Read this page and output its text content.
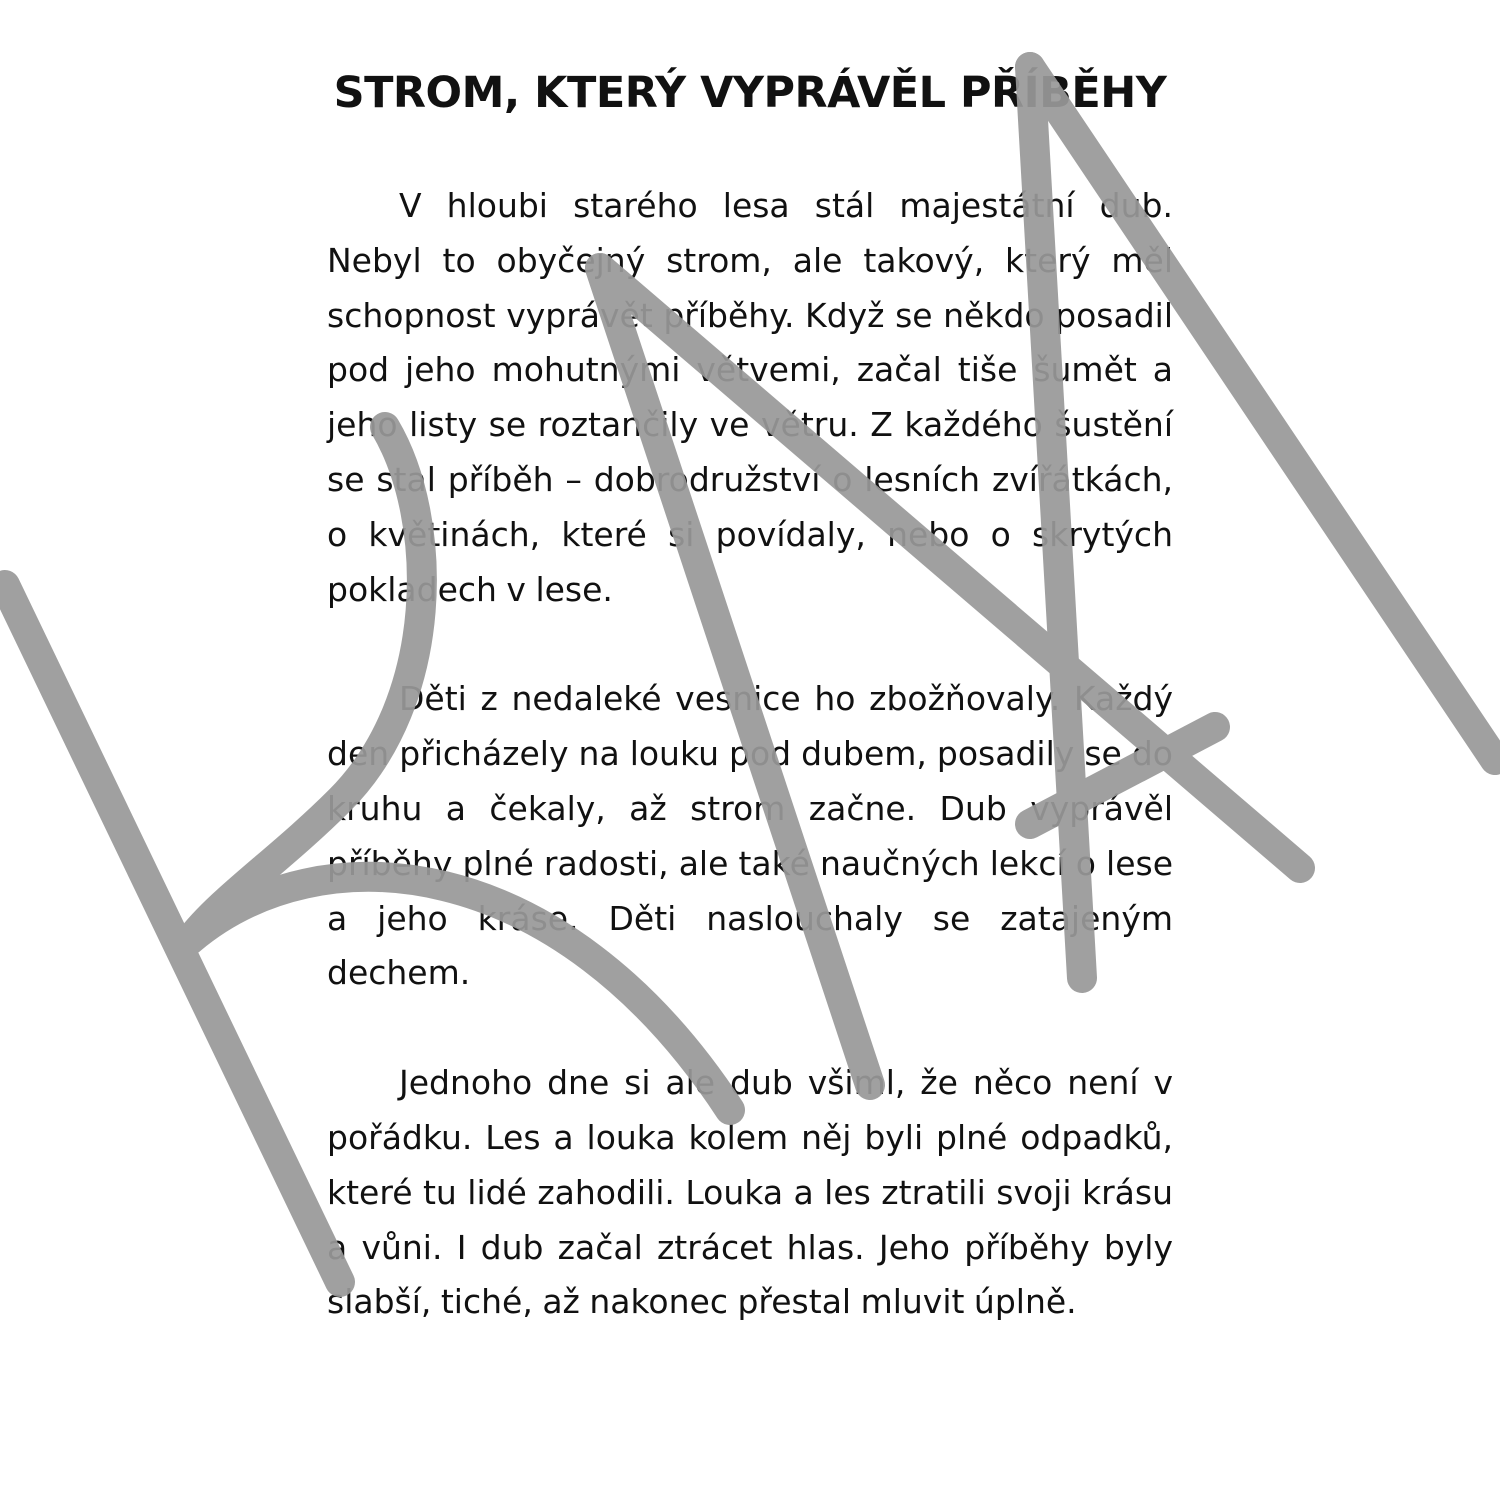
STROM, KTERÝ VYPRÁVĚL PŘÍBĚHY

V hloubi starého lesa stál majestátní dub. Nebyl to obyčejný strom, ale takový, který měl schopnost vyprávět příběhy. Když se někdo posadil pod jeho mohutnými větvemi, začal tiše šumět a jeho listy se roztančily ve větru. Z každého šustění se stal příběh – dobrodružství o lesních zvířátkách, o květinách, které si povídaly, nebo o skrytých pokladech v lese.

Děti z nedaleké vesnice ho zbožňovaly. Každý den přicházely na louku pod dubem, posadily se do kruhu a čekaly, až strom začne. Dub vyprávěl příběhy plné radosti, ale také naučných lekcí o lese a jeho kráse. Děti naslouchaly se zatajeným dechem.

Jednoho dne si ale dub všiml, že něco není v pořádku. Les a louka kolem něj byli plné odpadků, které tu lidé zahodili. Louka a les ztratili svoji krásu a vůni. I dub začal ztrácet hlas. Jeho příběhy byly slabší, tiché, až nakonec přestal mluvit úplně.
